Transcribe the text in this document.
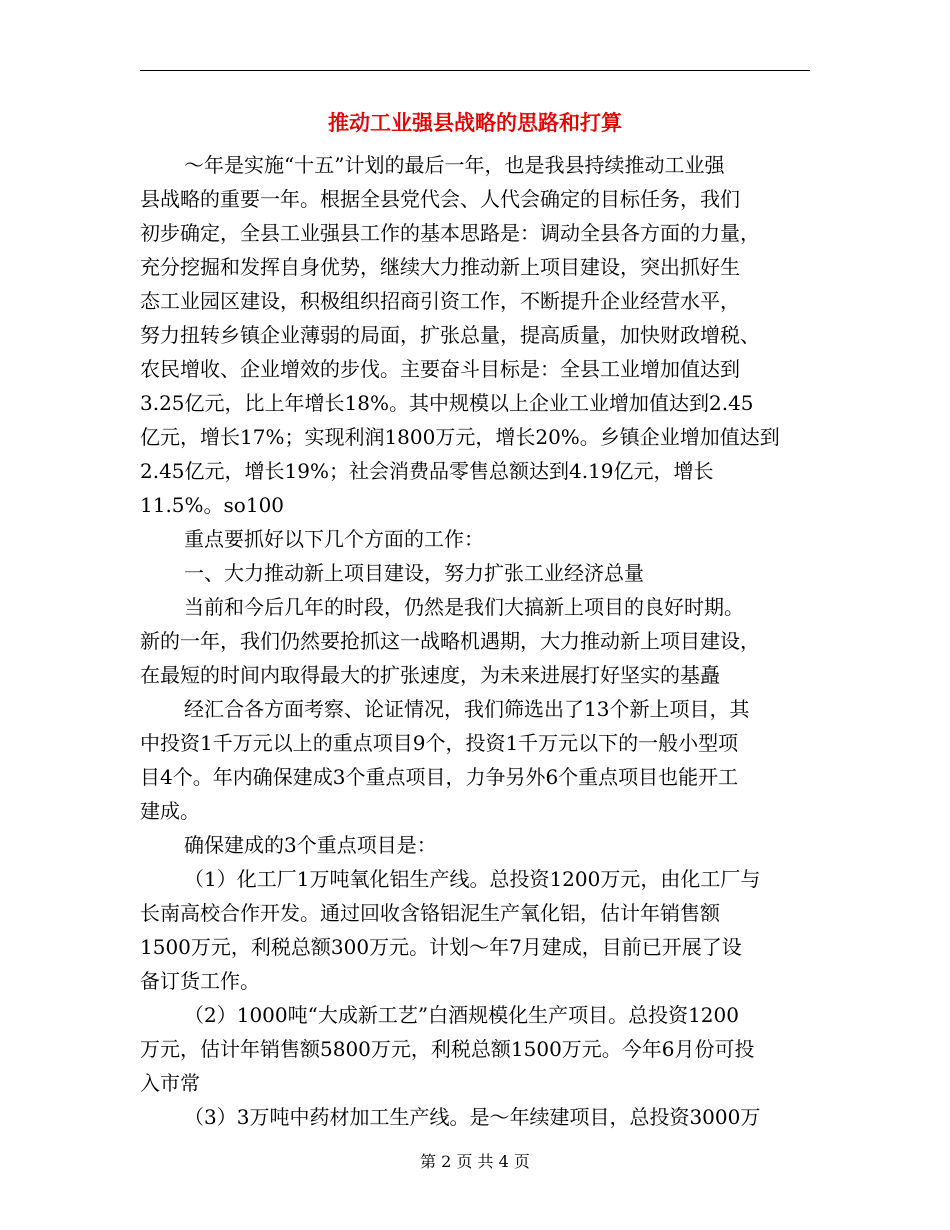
推动工业强县战略的思路和打算
～年是实施“十五”计划的最后一年，也是我县持续推动工业强
县战略的重要一年。根据全县党代会、人代会确定的目标任务，我们
初步确定，全县工业强县工作的基本思路是：调动全县各方面的力量，
充分挖掘和发挥自身优势，继续大力推动新上项目建设，突出抓好生
态工业园区建设，积极组织招商引资工作，不断提升企业经营水平，
努力扭转乡镇企业薄弱的局面，扩张总量，提高质量，加快财政增税、
农民增收、企业增效的步伐。主要奋斗目标是：全县工业增加值达到
3.25亿元，比上年增长18%。其中规模以上企业工业增加值达到2.45
亿元，增长17%；实现利润1800万元，增长20%。乡镇企业增加值达到
2.45亿元，增长19%；社会消费品零售总额达到4.19亿元，增长
11.5%。so100
重点要抓好以下几个方面的工作：
一、大力推动新上项目建设，努力扩张工业经济总量
当前和今后几年的时段，仍然是我们大搞新上项目的良好时期。
新的一年，我们仍然要抢抓这一战略机遇期，大力推动新上项目建设，
在最短的时间内取得最大的扩张速度，为未来进展打好坚实的基矗
经汇合各方面考察、论证情况，我们筛选出了13个新上项目，其
中投资1千万元以上的重点项目9个，投资1千万元以下的一般小型项
目4个。年内确保建成3个重点项目，力争另外6个重点项目也能开工
建成。
确保建成的3个重点项目是：
（1）化工厂1万吨氧化铝生产线。总投资1200万元，由化工厂与
长南高校合作开发。通过回收含铬铝泥生产氧化铝，估计年销售额
1500万元，利税总额300万元。计划～年7月建成，目前已开展了设
备订货工作。
（2）1000吨“大成新工艺”白酒规模化生产项目。总投资1200
万元，估计年销售额5800万元，利税总额1500万元。今年6月份可投
入市常
（3）3万吨中药材加工生产线。是～年续建项目，总投资3000万
第 2 页 共 4 页
